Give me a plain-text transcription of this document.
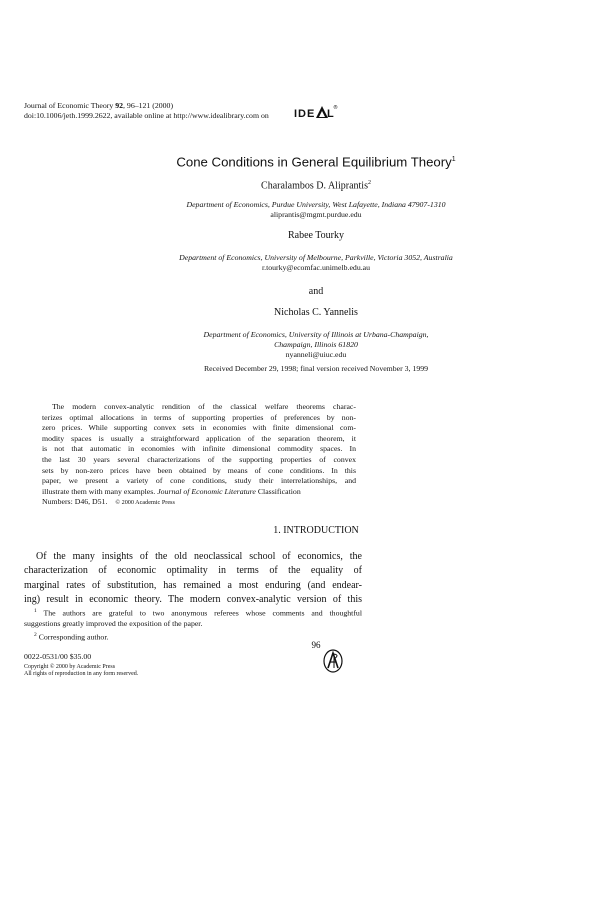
Journal of Economic Theory 92, 96–121 (2000)
doi:10.1006/jeth.1999.2622, available online at http://www.idealibrary.com on IDE L
®
Cone Conditions in General Equilibrium Theory$^1$
Charalambos D. Aliprantis$^2$
Department of Economics, Purdue University, West Lafayette, Indiana 47907-1310
aliprantis@mgmt.purdue.edu
Rabee Tourky
Department of Economics, University of Melbourne, Parkville, Victoria 3052, Australia
r.tourky@ecomfac.unimelb.edu.au
and
Nicholas C. Yannelis
Department of Economics, University of Illinois at Urbana-Champaign,
Champaign, Illinois 61820
nyanneli@uiuc.edu
Received December 29, 1998; final version received November 3, 1999
The modern convex-analytic rendition of the classical welfare theorems charac-
terizes optimal allocations in terms of supporting properties of preferences by non-
zero prices. While supporting convex sets in economies with finite dimensional com-
modity spaces is usually a straightforward application of the separation theorem, it
is not that automatic in economies with infinite dimensional commodity spaces. In
the last 30 years several characterizations of the supporting properties of convex
sets by non-zero prices have been obtained by means of cone conditions. In this
paper, we present a variety of cone conditions, study their interrelationships, and
illustrate them with many examples. Journal of Economic Literature Classification
Numbers: D46, D51. © 2000 Academic Press
1. INTRODUCTION
Of the many insights of the old neoclassical school of economics, the
characterization of economic optimality in terms of the equality of
marginal rates of substitution, has remained a most enduring (and endear-
ing) result in economic theory. The modern convex-analytic version of this
$^1$ The authors are grateful to two anonymous referees whose comments and thoughtful
suggestions greatly improved the exposition of the paper.
$^2$ Corresponding author.
96
0022-0531/00 $35.00
Copyright © 2000 by Academic Press
All rights of reproduction in any form reserved.
